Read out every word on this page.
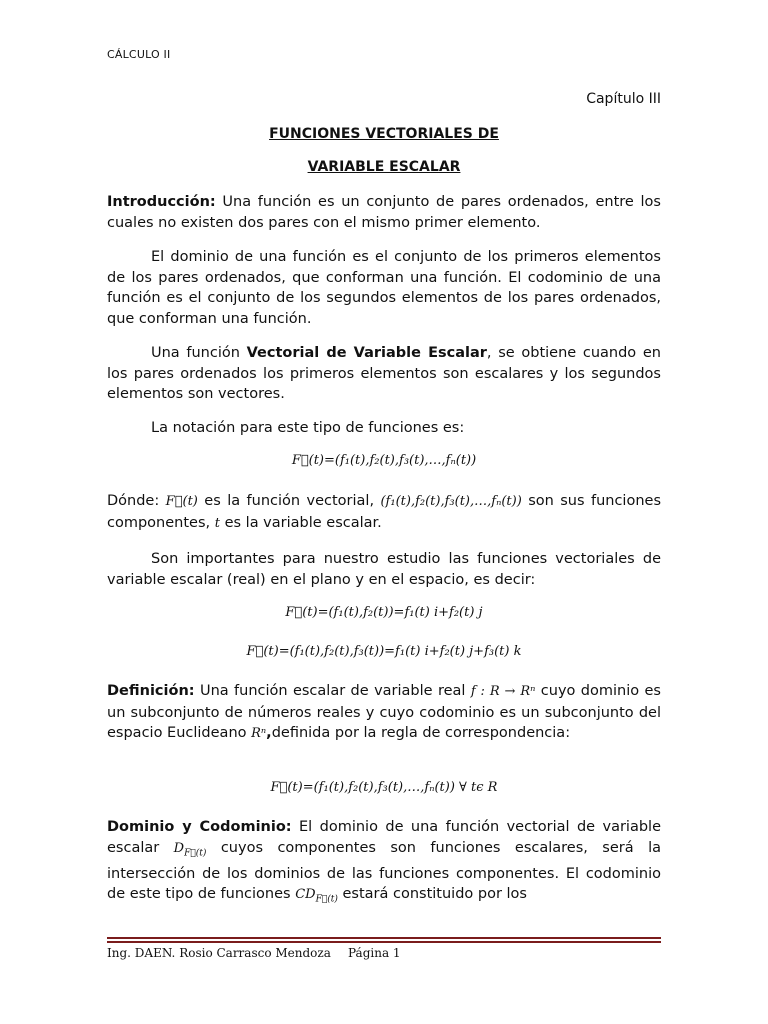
CÁLCULO II
Capítulo III
FUNCIONES VECTORIALES DE
VARIABLE ESCALAR

Introducción: Una función es un conjunto de pares ordenados, entre los cuales no existen dos pares con el mismo primer elemento.

El dominio de una función es el conjunto de los primeros elementos de los pares ordenados, que conforman una función. El codominio de una función es el conjunto de los segundos elementos de los pares ordenados, que conforman una función.

Una función Vectorial de Variable Escalar, se obtiene cuando en los pares ordenados los primeros elementos son escalares y los segundos elementos son vectores.

La notación para este tipo de funciones es:

F⃗(t)=(f₁(t),f₂(t),f₃(t),…,fₙ(t))

Dónde: F⃗(t) es la función vectorial, (f₁(t),f₂(t),f₃(t),…,fₙ(t)) son sus funciones componentes, t es la variable escalar.

Son importantes para nuestro estudio las funciones vectoriales de variable escalar (real) en el plano y en el espacio, es decir:

F⃗(t)=(f₁(t),f₂(t))=f₁(t) i+f₂(t) j
F⃗(t)=(f₁(t),f₂(t),f₃(t))=f₁(t) i+f₂(t) j+f₃(t) k

Definición: Una función escalar de variable real f : R → Rⁿ cuyo dominio es un subconjunto de números reales y cuyo codominio es un subconjunto del espacio Euclideano Rⁿ,definida por la regla de correspondencia:

F⃗(t)=(f₁(t),f₂(t),f₃(t),…,fₙ(t)) ∀ tϵ R

Dominio y Codominio: El dominio de una función vectorial de variable escalar $D_{F⃗(t)}$ cuyos componentes son funciones escalares, será la intersección de los dominios de las funciones componentes. El codominio de este tipo de funciones $CD_{F⃗(t)}$ estará constituido por los

Ing. DAEN. Rosio Carrasco Mendoza Página 1
